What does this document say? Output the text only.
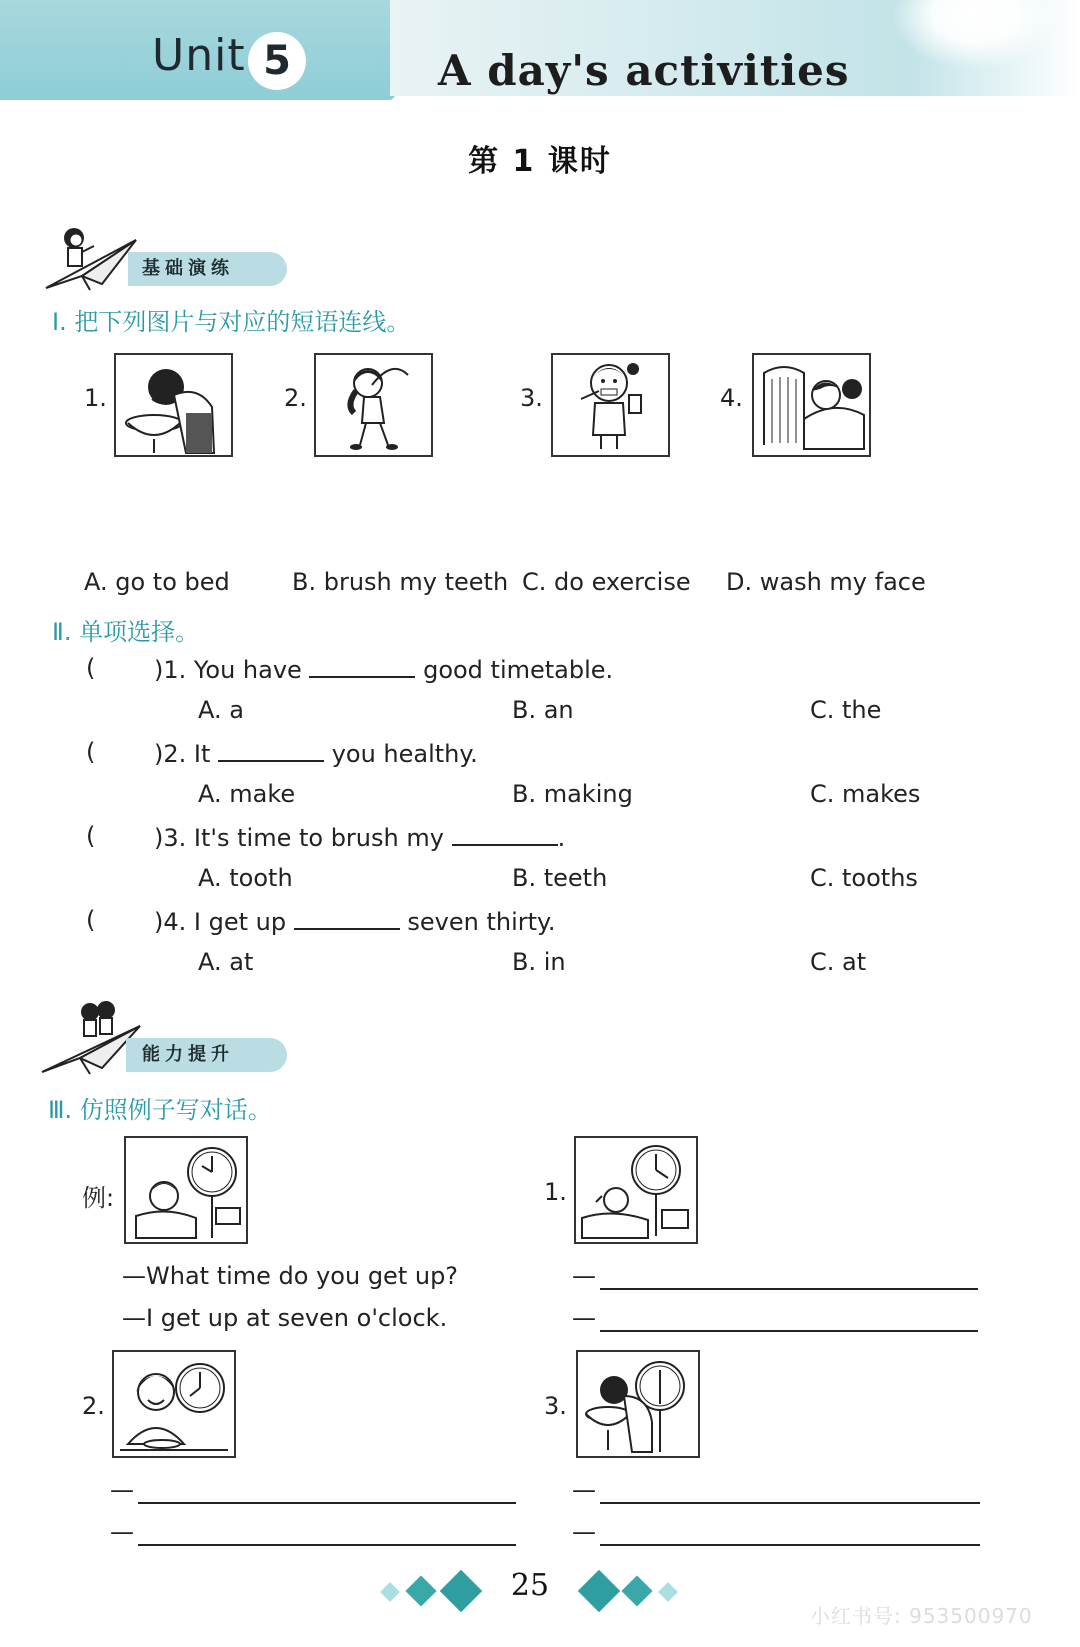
Unit 5	A day's activities
第 1 课时
基础演练
Ⅰ. 把下列图片与对应的短语连线。
1.	2.	3.	4.
A. go to bed	B. brush my teeth C. do exercise D. wash my face
Ⅱ. 单项选择。
( )1. You have	good timetable.
A. a	B. an	C. the
( )2. It	you healthy.
A. make	B. making	C. makes
( )3. It's time to brush my	.
A. tooth	B. teeth	C. tooths
( )4. I get up	seven thirty.
A. at	B. in	C. at
能力提升
Ⅲ. 仿照例子写对话。
例:
—What time do you get up?
—I get up at seven o'clock.
1.
—
—
2.
—
—
3.
—
—
25
小红书号: 953500970
